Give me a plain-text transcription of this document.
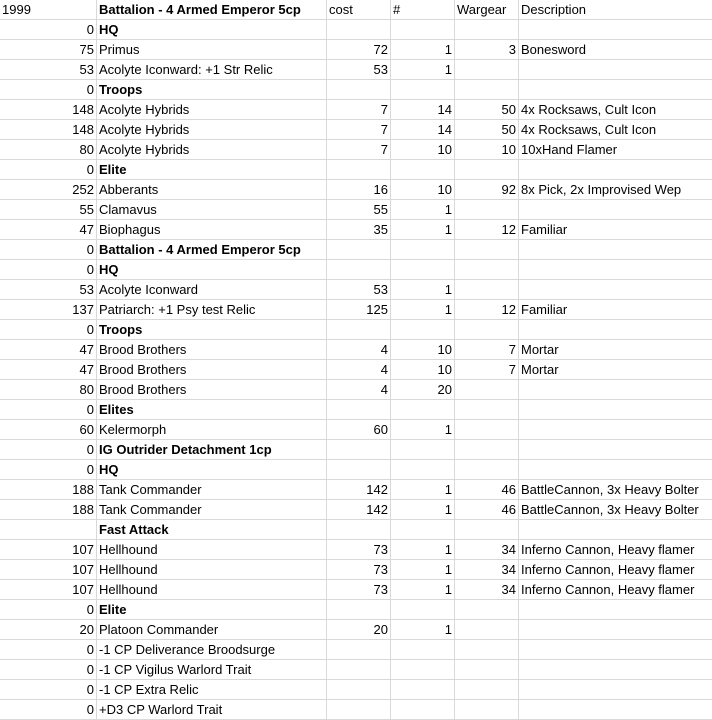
1999	Battalion - 4 Armed Emperor 5cp	cost	#	Wargear	Description
0 HQ
75 Primus	72	1	3 Bonesword
53 Acolyte Iconward: +1 Str Relic	53	1
0 Troops
148 Acolyte Hybrids	7	14	50 4x Rocksaws, Cult Icon
148 Acolyte Hybrids	7	14	50 4x Rocksaws, Cult Icon
80 Acolyte Hybrids	7	10	10 10xHand Flamer
0 Elite
252 Abberants	16	10	92 8x Pick, 2x Improvised Wep
55 Clamavus	55	1
47 Biophagus	35	1	12 Familiar
0 Battalion - 4 Armed Emperor 5cp
0 HQ
53 Acolyte Iconward	53	1
137 Patriarch: +1 Psy test Relic	125	1	12 Familiar
0 Troops
47 Brood Brothers	4	10	7 Mortar
47 Brood Brothers	4	10	7 Mortar
80 Brood Brothers	4	20
0 Elites
60 Kelermorph	60	1
0 IG Outrider Detachment 1cp
0 HQ
188 Tank Commander	142	1	46 BattleCannon, 3x Heavy Bolter
188 Tank Commander	142	1	46 BattleCannon, 3x Heavy Bolter
Fast Attack
107 Hellhound	73	1	34 Inferno Cannon, Heavy flamer
107 Hellhound	73	1	34 Inferno Cannon, Heavy flamer
107 Hellhound	73	1	34 Inferno Cannon, Heavy flamer
0 Elite
20 Platoon Commander	20	1
0 -1 CP Deliverance Broodsurge
0 -1 CP Vigilus Warlord Trait
0 -1 CP Extra Relic
0 +D3 CP Warlord Trait
